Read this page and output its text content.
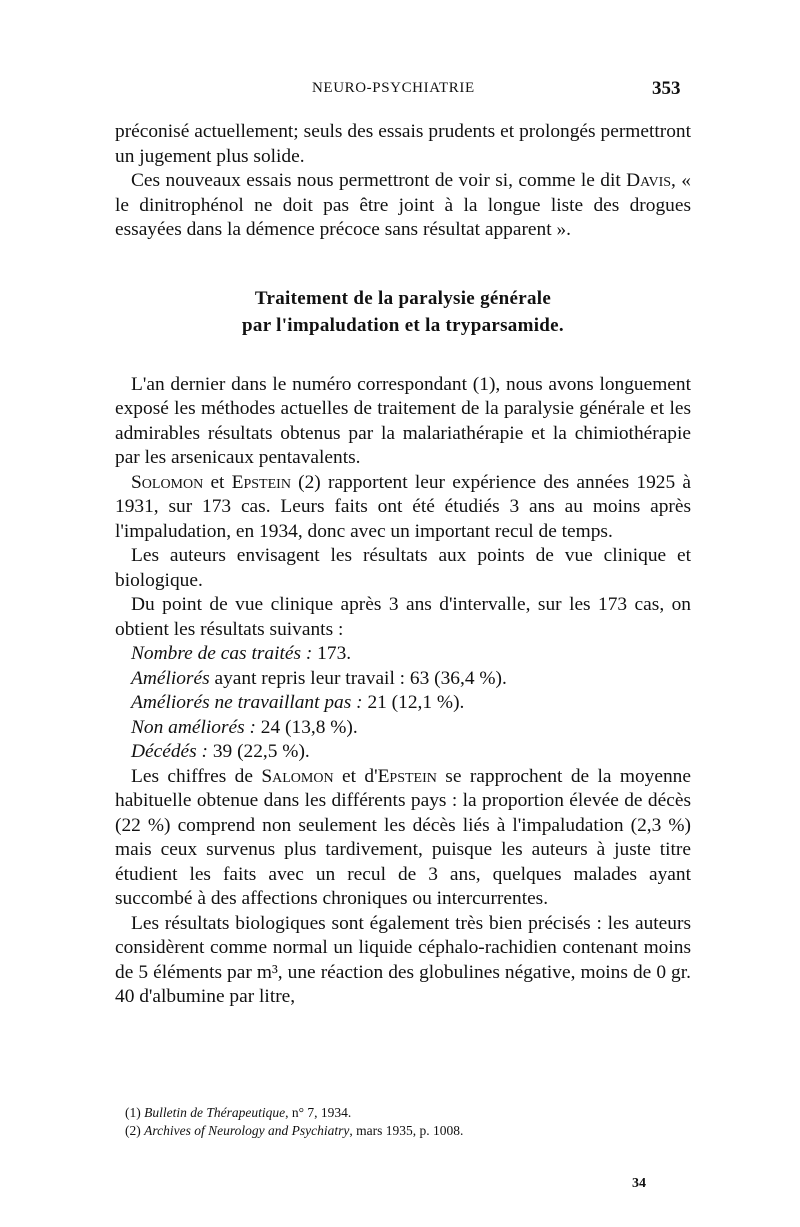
NEURO-PSYCHIATRIE	353

préconisé actuellement; seuls des essais prudents et prolongés permettront un jugement plus solide.

Ces nouveaux essais nous permettront de voir si, comme le dit Davis, « le dinitrophénol ne doit pas être joint à la longue liste des drogues essayées dans la démence précoce sans résultat apparent ».

Traitement de la paralysie générale
par l'impaludation et la tryparsamide.

L'an dernier dans le numéro correspondant (1), nous avons longuement exposé les méthodes actuelles de traitement de la paralysie générale et les admirables résultats obtenus par la malariathérapie et la chimiothérapie par les arsenicaux pentavalents.

Solomon et Epstein (2) rapportent leur expérience des années 1925 à 1931, sur 173 cas. Leurs faits ont été étudiés 3 ans au moins après l'impaludation, en 1934, donc avec un important recul de temps.

Les auteurs envisagent les résultats aux points de vue clinique et biologique.

Du point de vue clinique après 3 ans d'intervalle, sur les 173 cas, on obtient les résultats suivants :

Nombre de cas traités : 173.

Améliorés ayant repris leur travail : 63 (36,4 %).

Améliorés ne travaillant pas : 21 (12,1 %).

Non améliorés : 24 (13,8 %).

Décédés : 39 (22,5 %).

Les chiffres de Salomon et d'Epstein se rapprochent de la moyenne habituelle obtenue dans les différents pays : la proportion élevée de décès (22 %) comprend non seulement les décès liés à l'impaludation (2,3 %) mais ceux survenus plus tardivement, puisque les auteurs à juste titre étudient les faits avec un recul de 3 ans, quelques malades ayant succombé à des affections chroniques ou intercurrentes.

Les résultats biologiques sont également très bien précisés : les auteurs considèrent comme normal un liquide céphalo-rachidien contenant moins de 5 éléments par m³, une réaction des globulines négative, moins de 0 gr. 40 d'albumine par litre,

(1) Bulletin de Thérapeutique, n° 7, 1934.
(2) Archives of Neurology and Psychiatry, mars 1935, p. 1008.
34
